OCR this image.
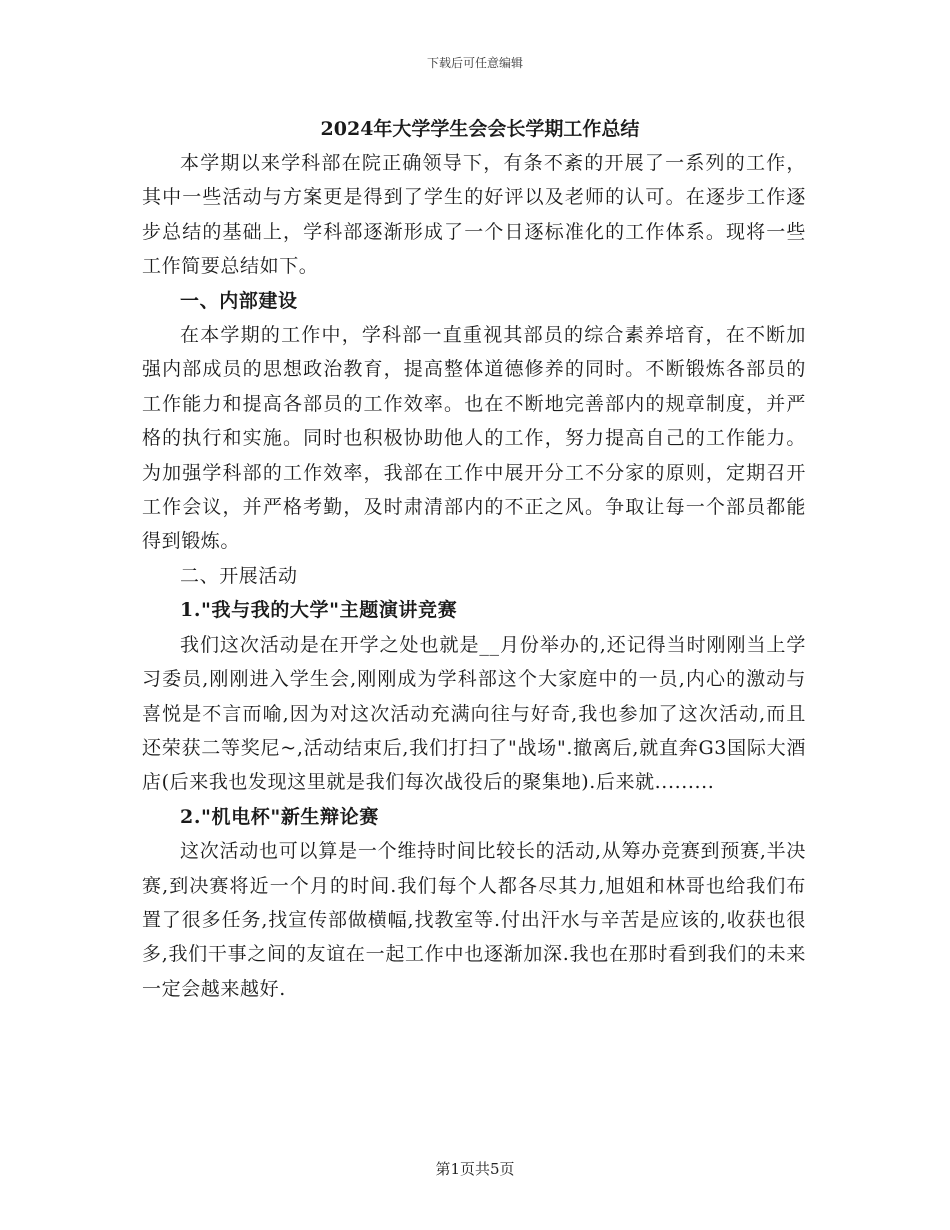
下载后可任意编辑

2024年大学学生会会长学期工作总结

本学期以来学科部在院正确领导下，有条不紊的开展了一系列的工作，其中一些活动与方案更是得到了学生的好评以及老师的认可。在逐步工作逐步总结的基础上，学科部逐渐形成了一个日逐标准化的工作体系。现将一些工作简要总结如下。

一、内部建设

在本学期的工作中，学科部一直重视其部员的综合素养培育，在不断加强内部成员的思想政治教育，提高整体道德修养的同时。不断锻炼各部员的工作能力和提高各部员的工作效率。也在不断地完善部内的规章制度，并严格的执行和实施。同时也积极协助他人的工作，努力提高自己的工作能力。为加强学科部的工作效率，我部在工作中展开分工不分家的原则，定期召开工作会议，并严格考勤，及时肃清部内的不正之风。争取让每一个部员都能得到锻炼。

二、开展活动

1."我与我的大学"主题演讲竞赛

我们这次活动是在开学之处也就是__月份举办的,还记得当时刚刚当上学习委员,刚刚进入学生会,刚刚成为学科部这个大家庭中的一员,内心的激动与喜悦是不言而喻,因为对这次活动充满向往与好奇,我也参加了这次活动,而且还荣获二等奖尼~,活动结束后,我们打扫了"战场".撤离后,就直奔G3国际大酒店(后来我也发现这里就是我们每次战役后的聚集地).后来就.........

2."机电杯"新生辩论赛

这次活动也可以算是一个维持时间比较长的活动,从筹办竞赛到预赛,半决赛,到决赛将近一个月的时间.我们每个人都各尽其力,旭姐和林哥也给我们布置了很多任务,找宣传部做横幅,找教室等.付出汗水与辛苦是应该的,收获也很多,我们干事之间的友谊在一起工作中也逐渐加深.我也在那时看到我们的未来一定会越来越好.

第1页共5页
